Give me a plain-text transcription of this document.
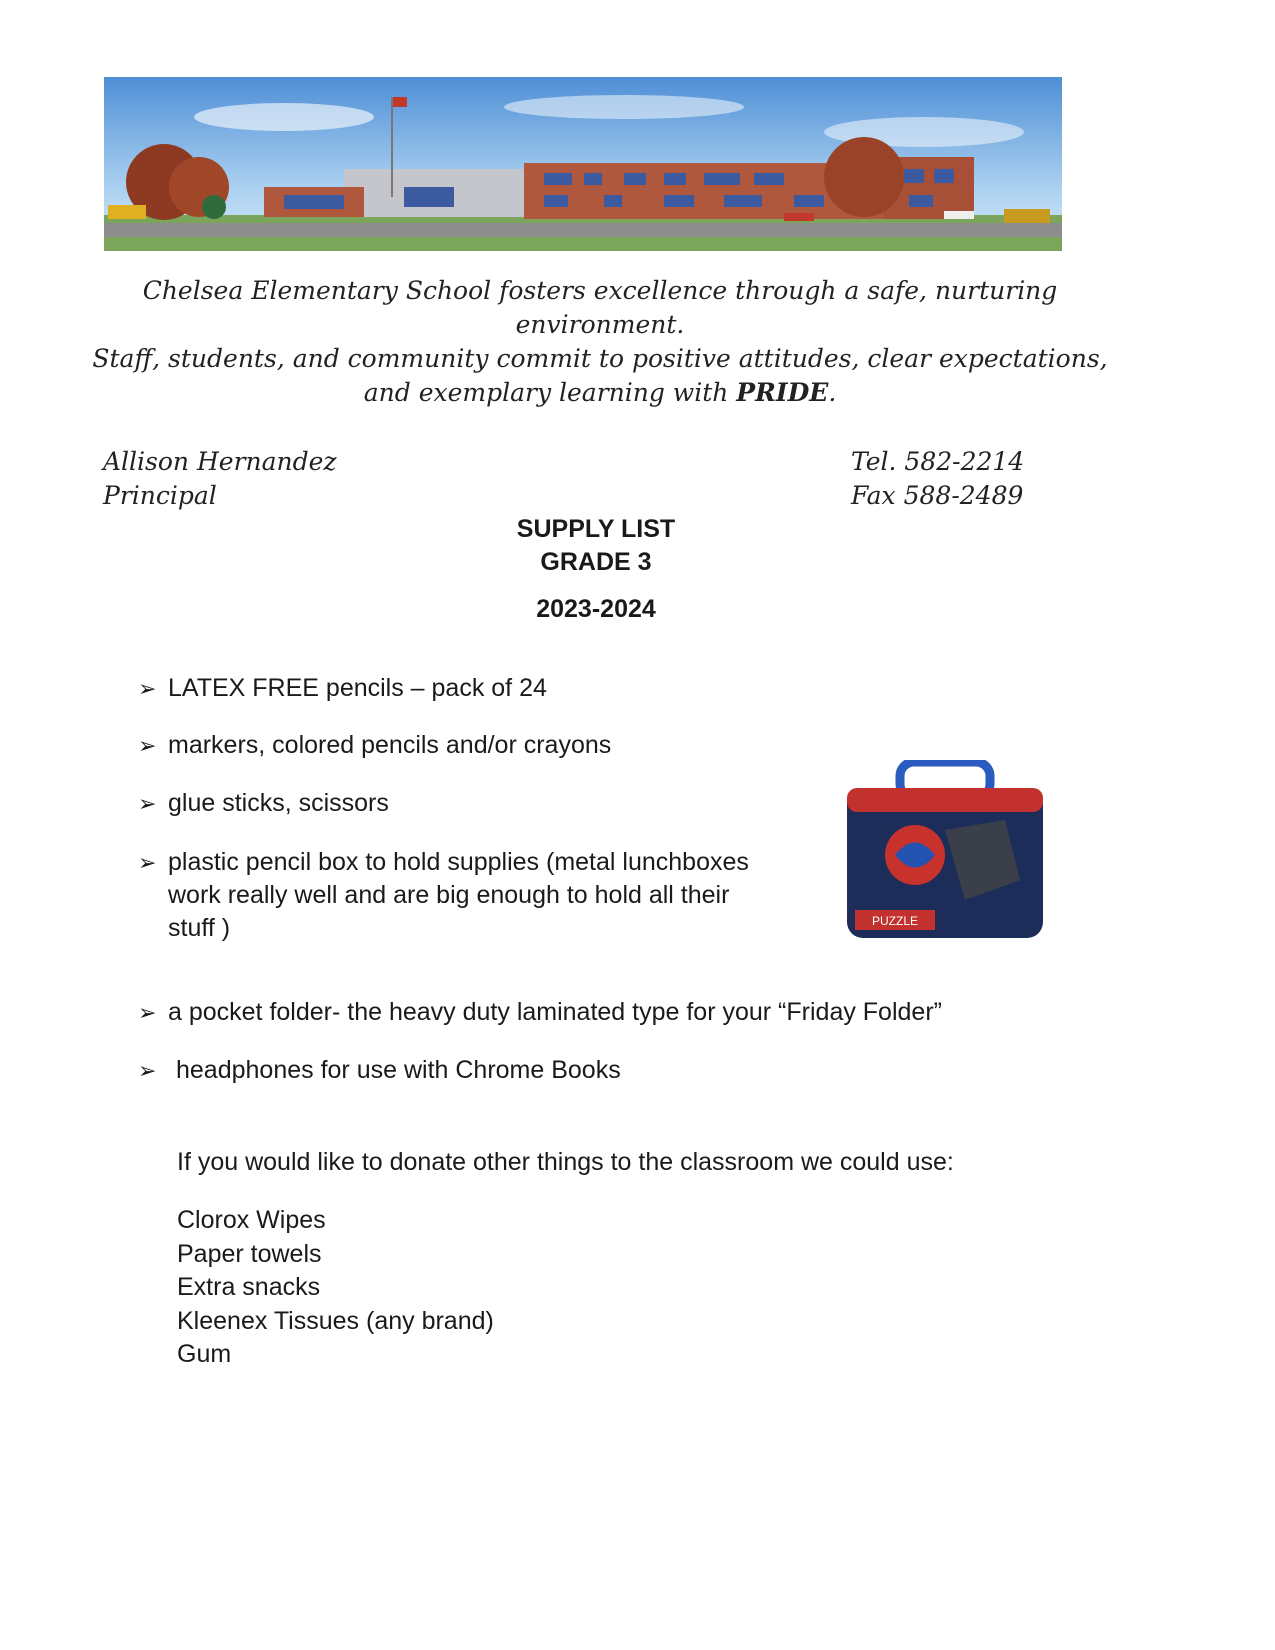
Chelsea Elementary School fosters excellence through a safe, nurturing
environment.
Staff, students, and community commit to positive attitudes, clear expectations,
and exemplary learning with PRIDE.
Allison Hernandez
Principal
Tel. 582-2214
Fax 588-2489
SUPPLY LIST
GRADE 3
2023-2024
➢ LATEX FREE pencils – pack of 24
➢ markers, colored pencils and/or crayons
➢ glue sticks, scissors
➢ plastic pencil box to hold supplies (metal lunchboxes
work really well and are big enough to hold all their
stuff )
➢ a pocket folder- the heavy duty laminated type for your “Friday Folder”
➢ headphones for use with Chrome Books
PUZZLE
If you would like to donate other things to the classroom we could use:
Clorox Wipes
Paper towels
Extra snacks
Kleenex Tissues (any brand)
Gum
